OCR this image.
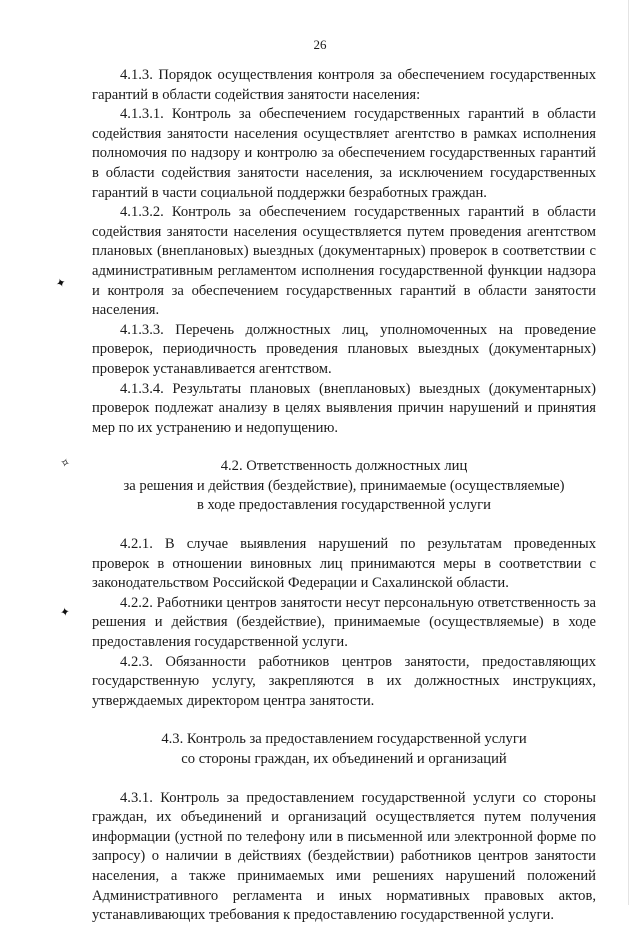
26
✦
✧
✦

4.1.3. Порядок осуществления контроля за обеспечением государственных гарантий в области содействия занятости населения:

4.1.3.1. Контроль за обеспечением государственных гарантий в области содействия занятости населения осуществляет агентство в рамках исполнения полномочия по надзору и контролю за обеспечением государственных гарантий в области содействия занятости населения, за исключением государственных гарантий в части социальной поддержки безработных граждан.

4.1.3.2. Контроль за обеспечением государственных гарантий в области содействия занятости населения осуществляется путем проведения агентством плановых (внеплановых) выездных (документарных) проверок в соответствии с административным регламентом исполнения государственной функции надзора и контроля за обеспечением государственных гарантий в области занятости населения.

4.1.3.3. Перечень должностных лиц, уполномоченных на проведение проверок, периодичность проведения плановых выездных (документарных) проверок устанавливается агентством.

4.1.3.4. Результаты плановых (внеплановых) выездных (документарных) проверок подлежат анализу в целях выявления причин нарушений и принятия мер по их устранению и недопущению.

4.2. Ответственность должностных лиц
за решения и действия (бездействие), принимаемые (осуществляемые)
в ходе предоставления государственной услуги

4.2.1. В случае выявления нарушений по результатам проведенных проверок в отношении виновных лиц принимаются меры в соответствии с законодательством Российской Федерации и Сахалинской области.

4.2.2. Работники центров занятости несут персональную ответственность за решения и действия (бездействие), принимаемые (осуществляемые) в ходе предоставления государственной услуги.

4.2.3. Обязанности работников центров занятости, предоставляющих государственную услугу, закрепляются в их должностных инструкциях, утверждаемых директором центра занятости.

4.3. Контроль за предоставлением государственной услуги
со стороны граждан, их объединений и организаций

4.3.1. Контроль за предоставлением государственной услуги со стороны граждан, их объединений и организаций осуществляется путем получения информации (устной по телефону или в письменной или электронной форме по запросу) о наличии в действиях (бездействии) работников центров занятости населения, а также принимаемых ими решениях нарушений положений Административного регламента и иных нормативных правовых актов, устанавливающих требования к предоставлению государственной услуги.
